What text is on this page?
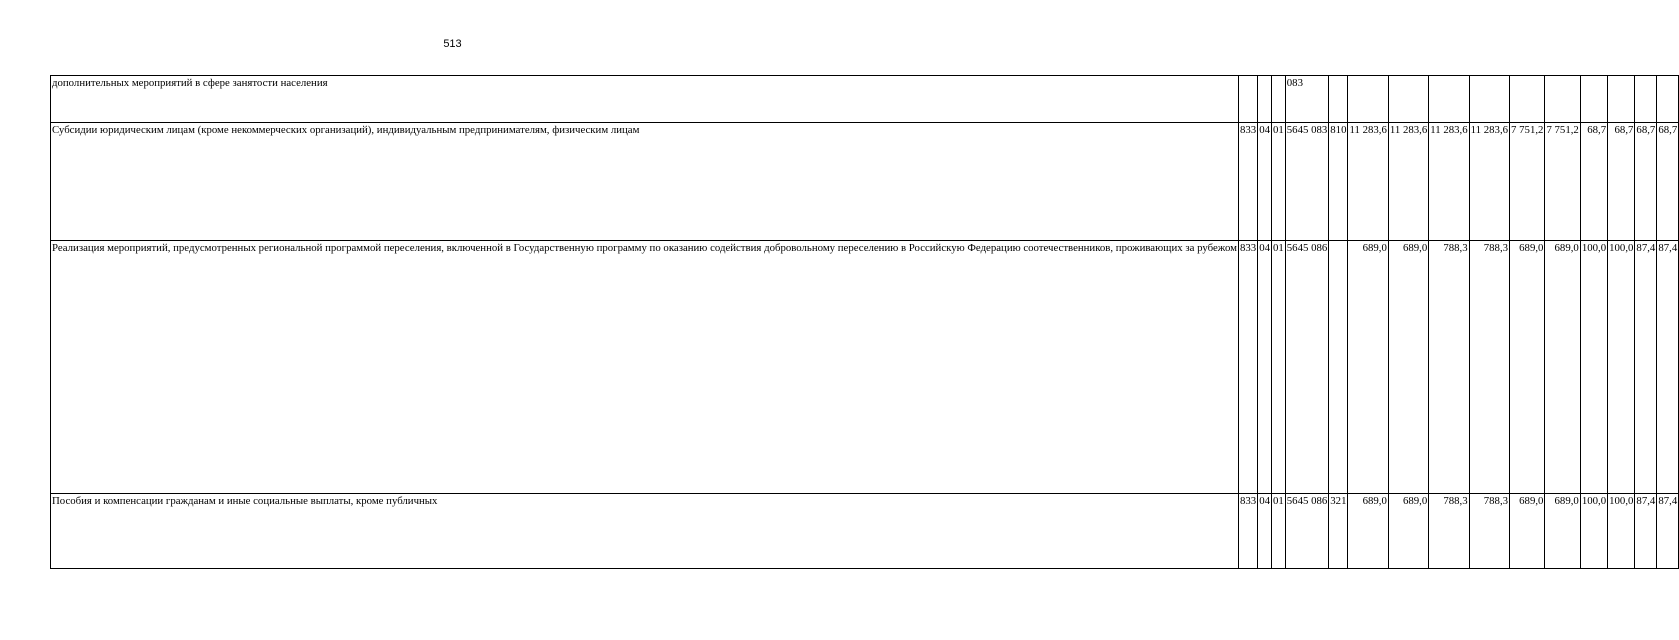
513
дополнительных мероприятий в сфере занятости населения				083											
Субсидии юридическим лицам (кроме некоммерческих организаций), индивидуальным предпринимателям, физическим лицам	833	04	01	5645 083	810	11 283,6	11 283,6	11 283,6	11 283,6	7 751,2	7 751,2	68,7	68,7	68,7	68,7
Реализация мероприятий, предусмотренных региональной программой переселения, включенной в Государственную программу по оказанию содействия добровольному переселению в Российскую Федерацию соотечественников, проживающих за рубежом	833	04	01	5645 086		689,0	689,0	788,3	788,3	689,0	689,0	100,0	100,0	87,4	87,4
Пособия и компенсации гражданам и иные социальные выплаты, кроме публичных	833	04	01	5645 086	321	689,0	689,0	788,3	788,3	689,0	689,0	100,0	100,0	87,4	87,4
